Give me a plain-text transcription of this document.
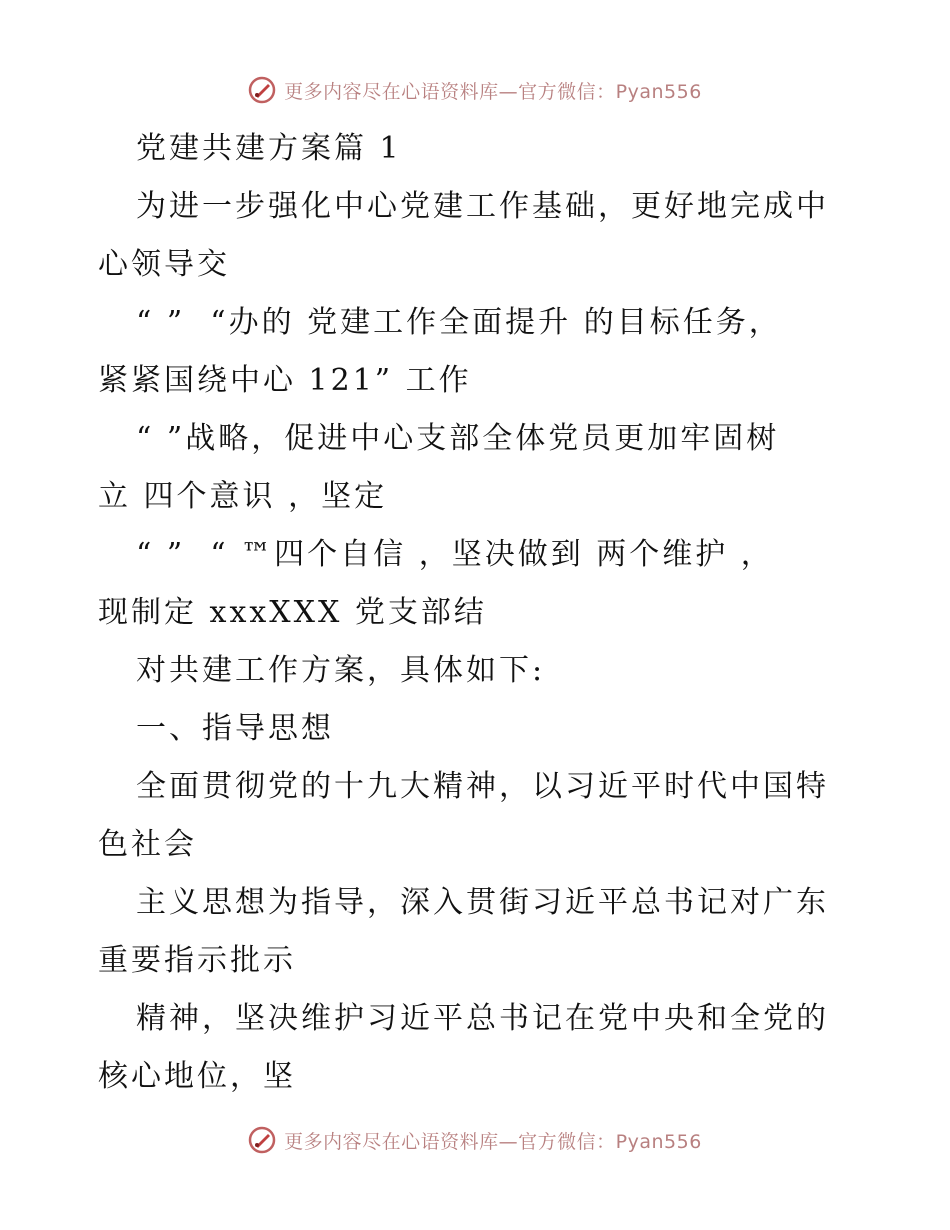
更多内容尽在心语资料库—官方微信：Pyan556
党建共建方案篇 1
为进一步强化中心党建工作基础，更好地完成中
心领导交
“ ”  “办的 党建工作全面提升 的目标任务，
紧紧国绕中心 121” 工作
“ ”战略，促进中心支部全体党员更加牢固树
立 四个意识 ，坚定
“ ”  “ ™四个自信 ，坚决做到 两个维护 ，
现制定 xxxXXX 党支部结
对共建工作方案，具体如下:
一、指导思想
全面贯彻党的十九大精神，以习近平时代中国特
色社会
主义思想为指导，深入贯街习近平总书记对广东
重要指示批示
精神，坚决维护习近平总书记在党中央和全党的
核心地位，坚
更多内容尽在心语资料库—官方微信：Pyan556
